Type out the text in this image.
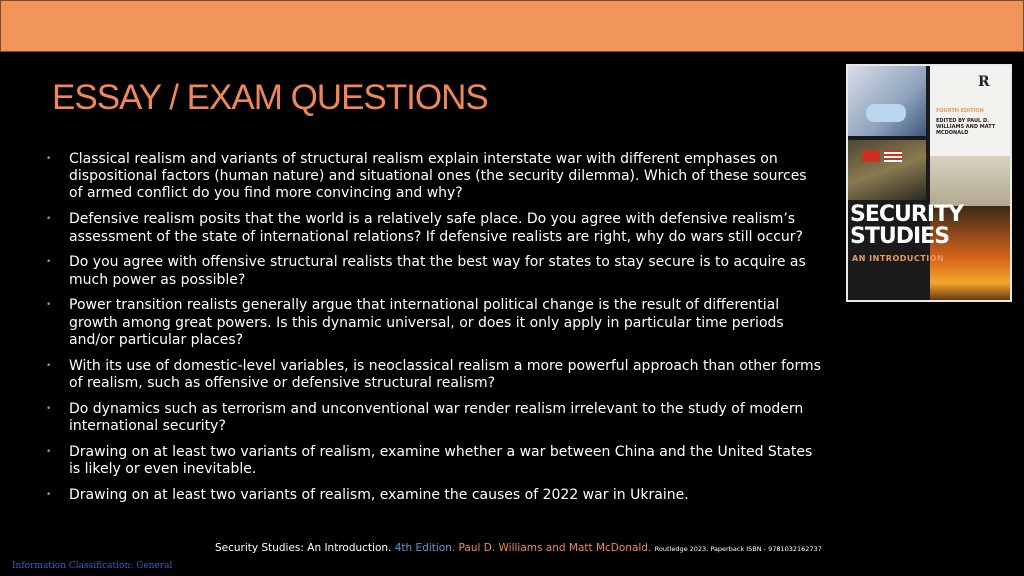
ESSAY / EXAM QUESTIONS
• Classical realism and variants of structural realism explain interstate war with different emphases on dispositional factors (human nature) and situational ones (the security dilemma). Which of these sources of armed conflict do you find more convincing and why?
• Defensive realism posits that the world is a relatively safe place. Do you agree with defensive realism’s assessment of the state of international relations? If defensive realists are right, why do wars still occur?
• Do you agree with offensive structural realists that the best way for states to stay secure is to acquire as much power as possible?
• Power transition realists generally argue that international political change is the result of differential growth among great powers. Is this dynamic universal, or does it only apply in particular time periods and/or particular places?
• With its use of domestic-level variables, is neoclassical realism a more powerful approach than other forms of realism, such as offensive or defensive structural realism?
• Do dynamics such as terrorism and unconventional war render realism irrelevant to the study of modern international security?
• Drawing on at least two variants of realism, examine whether a war between China and the United States is likely or even inevitable.
• Drawing on at least two variants of realism, examine the causes of 2022 war in Ukraine.
R
FOURTH EDITION
EDITED BY PAUL D. WILLIAMS AND MATT MCDONALD
SECURITY
STUDIES
AN INTRODUCTION
Security Studies: An Introduction. 4th Edition. Paul D. Williams and Matt McDonald. Routledge 2023. Paperback ISBN - 9781032162737
Information Classification: General
